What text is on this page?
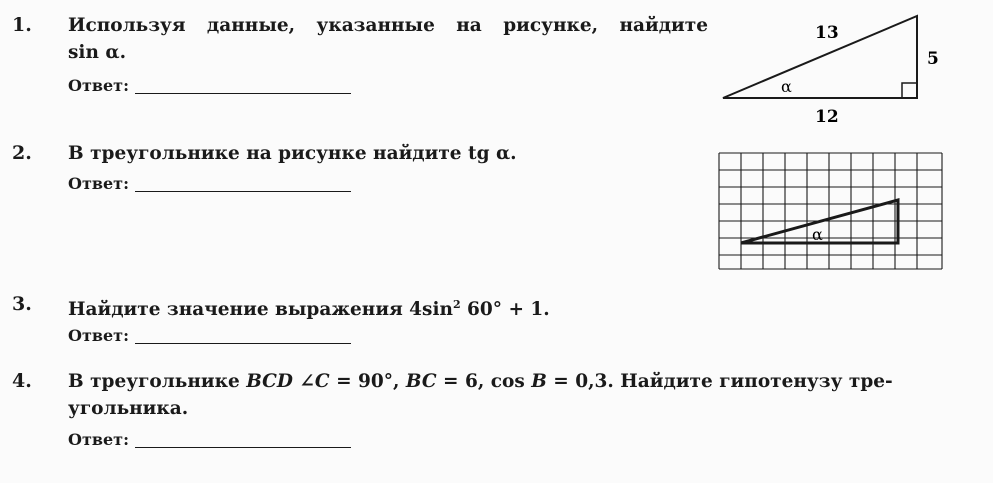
1. Используя данные, указанные на рисунке, найдите
sin α.
Ответ:
13
5
12
α
2. В треугольнике на рисунке найдите tg α.
Ответ:
α
3. Найдите значение выражения $4\sin^2$ 60° + 1.
Ответ:
4. В треугольнике BCD ∠C = 90°, BC = 6, cos B = 0,3. Найдите гипотенузу тре-
угольника.
Ответ:
